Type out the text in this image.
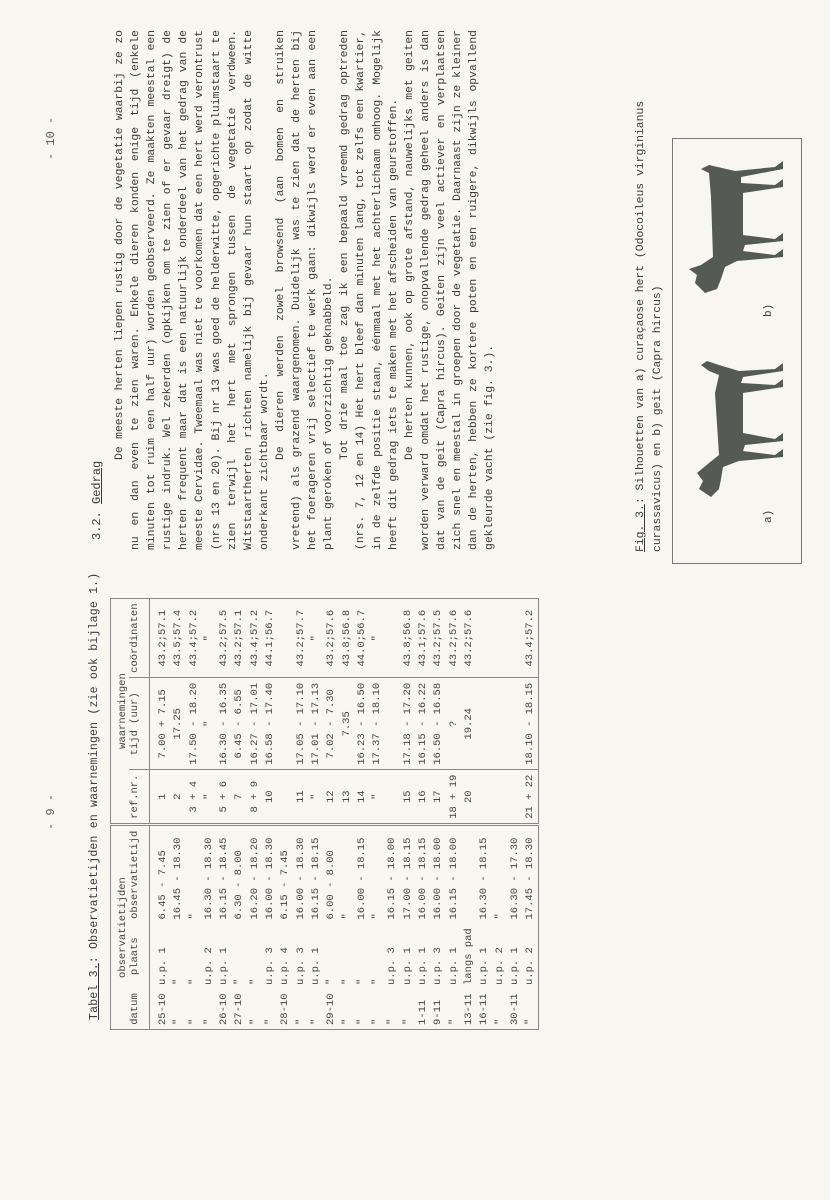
- 9 -
- 10 -
Tabel 3.: Observatietijden en waarnemingen (zie ook bijlage 1.) observatietijden			waarnemingen		
datum	plaats	observatietijd	ref.nr.	tijd (uur)	coördinaten
25-10	u.p. 1	6.45 - 7.45	1	7.00 + 7.15	43.2;57.1
"	"	16.45 - 18.30	2	17.25	43.5;57.4
"	"	"	3 + 4	17.50 - 18.20	43.4;57.2
"	u.p. 2	16.30 - 18.30	"	"	"
26-10	u.p. 1	16.15 - 18.45	5 + 6	16.30 - 16.35	43.2;57.5
27-10	"	6.30 - 8.00	7	6.45 - 6.55	43.2;57.1
"	"	16.20 - 18.20	8 + 9	16.27 - 17.01	43.4;57.2
"	u.p. 3	16.00 - 18.30	10	16.58 - 17.40	44.1;56.7
28-10	u.p. 4	6.15 - 7.45			
"	u.p. 3	16.00 - 18.30	11	17.05 - 17.10	43.2;57.7
"	u.p. 1	16.15 - 18.15	"	17.01 - 17.13	"
29-10	"	6.00 - 8.00	12	7.02 - 7.30	43.2;57.6
"	"	"	13	7.35	43.8;56.8
"	"	16.00 - 18.15	14	16.23 - 16.50	44.0;56.7
"	"	"	"	17.37 - 18.10	"
"	u.p. 3	16.15 - 18.00			
"	u.p. 1	17.00 - 18.15	15	17.18 - 17.20	43.8;56.8
1-11	u.p. 1	16.00 - 18.15	16	16.15 - 16.22	43.1;57.6
9-11	u.p. 3	16.00 - 18.00	17	16.50 - 16.58	43.2;57.5
"	u.p. 1	16.15 - 18.00	18 + 19	?	43.2;57.6
13-11	langs pad		20	19.24	43.2;57.6
16-11	u.p. 1	16.30 - 18.15			
"	u.p. 2	"			
30-11	u.p. 1	16.30 - 17.30			
"	u.p. 2	17.45 - 18.30	21 + 22	18.10 - 18.15	43.4;57.2
3.2. Gedrag

De meeste herten liepen rustig door de vegetatie waarbij ze zo nu en dan even te zien waren. Enkele dieren konden enige tijd (enkele minuten tot ruim een half uur) worden geobserveerd. Ze maakten meestal een rustige indruk. Wel zekerden (opkijken om te zien of er gevaar dreigt) de herten frequent maar dat is een natuurlijk onderdeel van het gedrag van de meeste Cervidae. Tweemaal was niet te voorkomen dat een hert werd verontrust (nrs 13 en 20). Bij nr 13 was goed de helderwitte, opgerichte pluimstaart te zien terwijl het hert met sprongen tussen de vegetatie verdween. Witstaartherten richten namelijk bij gevaar hun staart op zodat de witte onderkant zichtbaar wordt.

De dieren werden zowel browsend (aan bomen en struiken vretend) als grazend waargenomen. Duidelijk was te zien dat de herten bij het foerageren vrij selectief te werk gaan: dikwijls werd er even aan een plant geroken of voorzichtig geknabbeld. Tot drie maal toe zag ik een bepaald vreemd gedrag optreden (nrs. 7, 12 en 14) Het hert bleef dan minuten lang, tot zelfs een kwartier, in de zelfde positie staan, éénmaal met het achterlichaam omhoog. Mogelijk heeft dit gedrag iets te maken met het afscheiden van geurstoffen. De herten kunnen, ook op grote afstand, nauwelijks met geiten worden verward omdat het rustige, onopvallende gedrag geheel anders is dan dat van de geit (Capra hircus). Geiten zijn veel actiever en verplaatsen zich snel en meestal in groepen door de vegetatie. Daarnaast zijn ze kleiner dan de herten, hebben ze kortere poten en een ruigere, dikwijls opvallend gekleurde vacht (zie fig. 3.).	Fig. 3.: Silhouetten van a) curaçaose hert (Odocoileus virginianus curassavicus) en b) geit (Capra hircus)	a)
b)
